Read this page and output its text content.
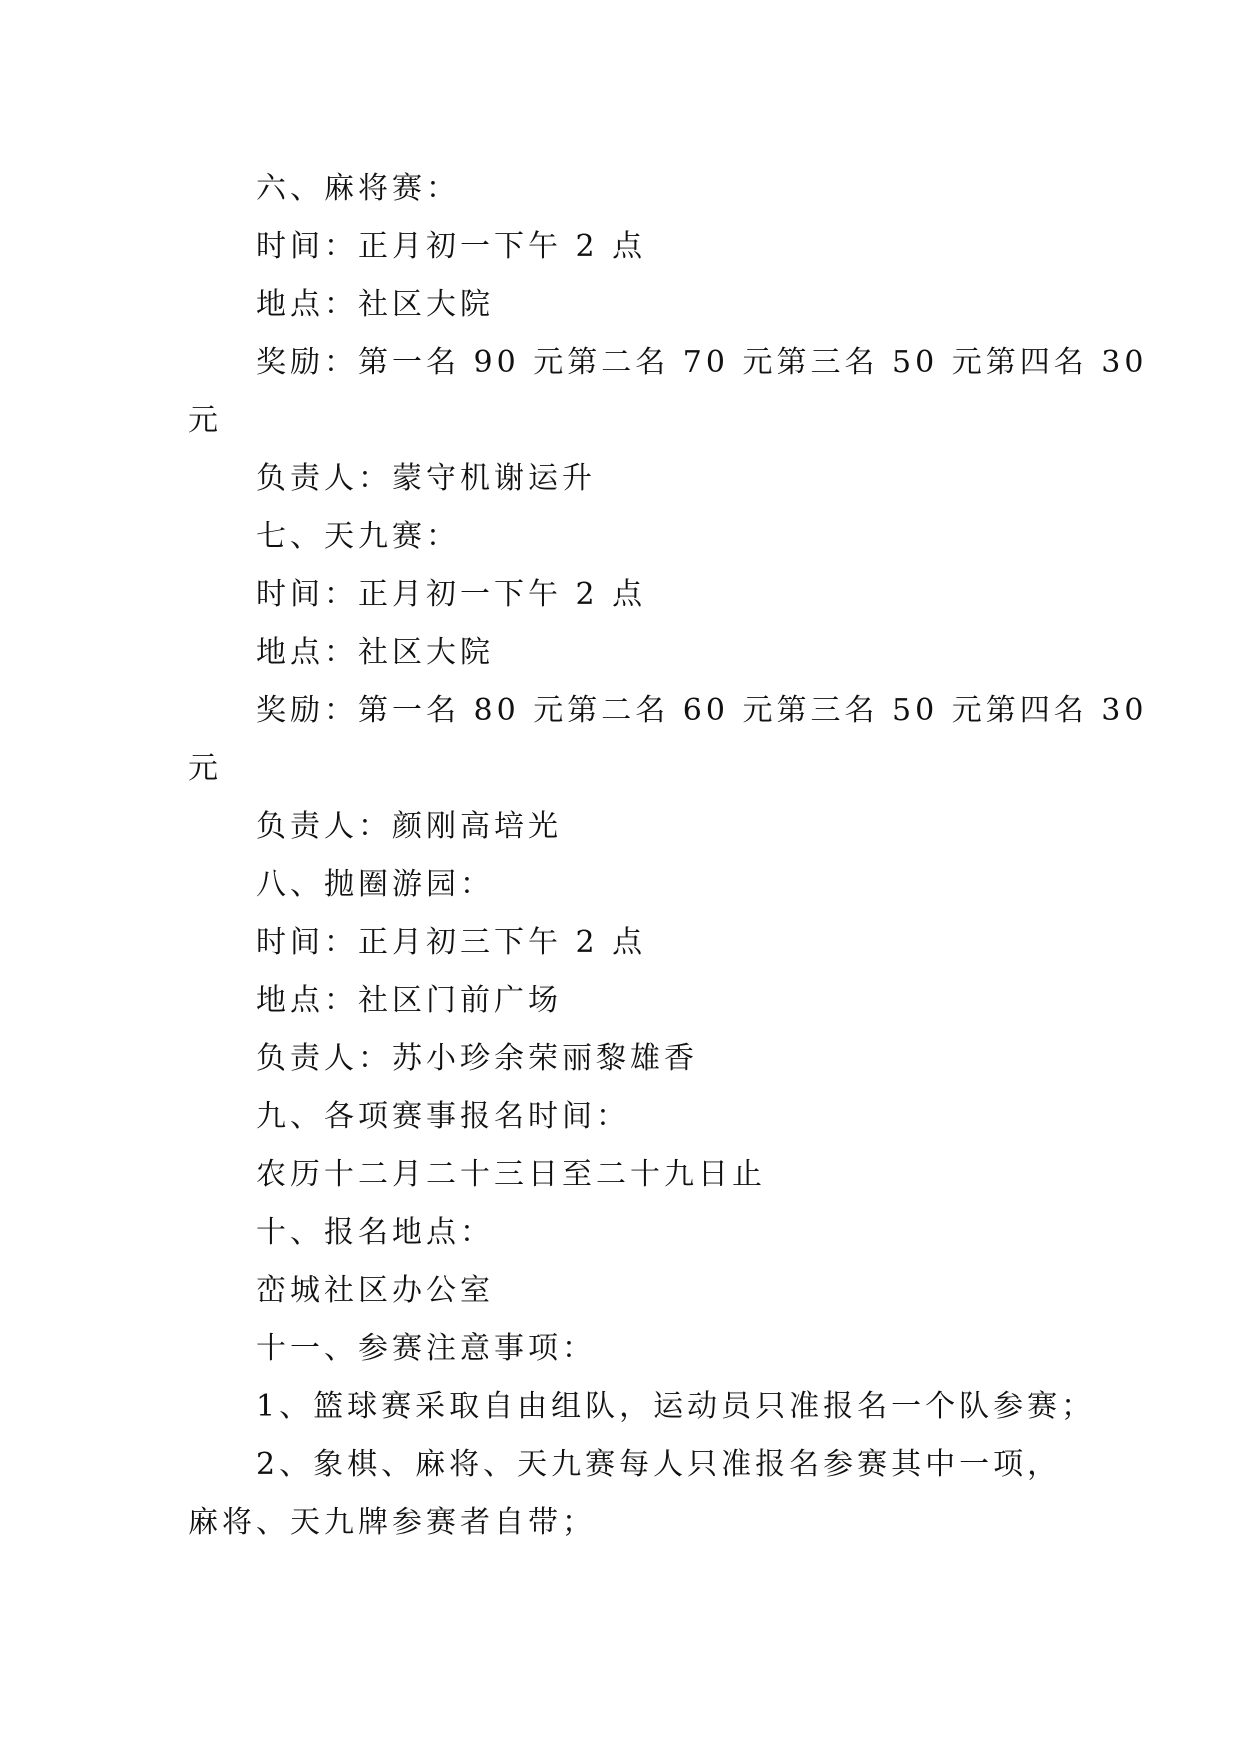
六、麻将赛：
时间：正月初一下午 2 点
地点：社区大院
奖励：第一名 90 元第二名 70 元第三名 50 元第四名 30
元
负责人：蒙守机谢运升
七、天九赛：
时间：正月初一下午 2 点
地点：社区大院
奖励：第一名 80 元第二名 60 元第三名 50 元第四名 30
元
负责人：颜刚高培光
八、抛圈游园：
时间：正月初三下午 2 点
地点：社区门前广场
负责人：苏小珍余荣丽黎雄香
九、各项赛事报名时间：
农历十二月二十三日至二十九日止
十、报名地点：
峦城社区办公室
十一、参赛注意事项：
1、篮球赛采取自由组队，运动员只准报名一个队参赛；
2、象棋、麻将、天九赛每人只准报名参赛其中一项，
麻将、天九牌参赛者自带；
